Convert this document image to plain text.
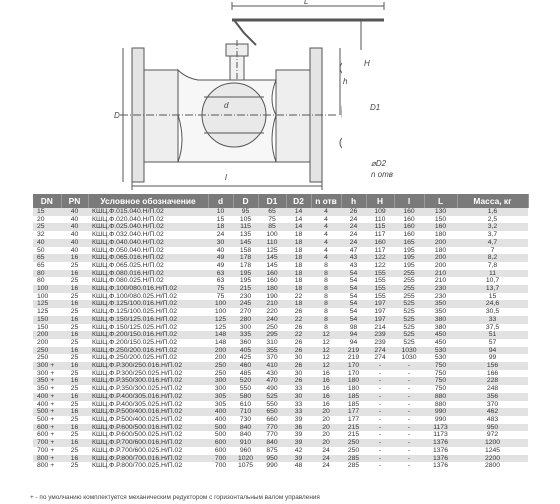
L
H
h
D
D1
d
l
⌀D2
n отв
DN	PN	Условное обозначение	d	D	D1	D2	n отв	h	H	l	L	Масса, кг
15	40	КШЦ.Ф.015.040.Н/П.02	10	95	65	14	4	26	109	160	130	1,6
20	40	КШЦ.Ф.020.040.Н/П.02	15	105	75	14	4	24	110	160	150	2,5
25	40	КШЦ.Ф.025.040.Н/П.02	18	115	85	14	4	24	115	160	160	3,2
32	40	КШЦ.Ф.032.040.Н/П.02	24	135	100	18	4	24	117	160	180	3,7
40	40	КШЦ.Ф.040.040.Н/П.02	30	145	110	18	4	24	160	165	200	4,7
50	40	КШЦ.Ф.050.040.Н/П.02	40	158	125	18	4	47	117	195	180	7
65	16	КШЦ.Ф.065.016.Н/П.02	49	178	145	18	4	43	122	195	200	8,2
65	25	КШЦ.Ф.065.025.Н/П.02	49	178	145	18	8	43	122	195	200	7,8
80	16	КШЦ.Ф.080.016.Н/П.02	63	195	160	18	8	54	155	255	210	11
80	25	КШЦ.Ф.080.025.Н/П.02	63	195	160	18	8	54	155	255	210	10,7
100	16	КШЦ.Ф.100/080.016.Н/П.02	75	215	180	18	8	54	155	255	230	13,7
100	25	КШЦ.Ф.100/080.025.Н/П.02	75	230	190	22	8	54	155	255	230	15
125	16	КШЦ.Ф.125/100.016.Н/П.02	100	245	210	18	8	54	197	525	350	24,6
125	25	КШЦ.Ф.125/100.025.Н/П.02	100	270	220	26	8	54	197	525	350	30,5
150	16	КШЦ.Ф.150/125.016.Н/П.02	125	280	240	22	8	54	197	525	380	33
150	25	КШЦ.Ф.150/125.025.Н/П.02	125	300	250	26	8	98	214	525	380	37,5
200	16	КШЦ.Ф.200/150.016.Н/П.02	148	335	295	22	12	94	239	525	450	51
200	25	КШЦ.Ф.200/150.025.Н/П.02	148	360	310	26	12	94	239	525	450	57
250	16	КШЦ.Ф.250/200.016.Н/П.02	200	405	355	26	12	219	274	1030	530	94
250	25	КШЦ.Ф.250/200.025.Н/П.02	200	425	370	30	12	219	274	1030	530	99
300 +	16	КШЦ.Ф.Р.300/250.016.Н/П.02	250	460	410	26	12	170	-	-	750	156
300 +	25	КШЦ.Ф.Р.300/250.025.Н/П.02	250	485	430	30	16	170	-	-	750	166
350 +	16	КШЦ.Ф.Р.350/300.016.Н/П.02	300	520	470	26	16	180	-	-	750	228
350 +	25	КШЦ.Ф.Р.350/300.025.Н/П.02	300	550	490	33	16	180	-	-	750	248
400 +	16	КШЦ.Ф.Р.400/305.016.Н/П.02	305	580	525	30	16	185	-	-	880	356
400 +	25	КШЦ.Ф.Р.400/305.025.Н/П.02	305	610	550	33	16	185	-	-	880	370
500 +	16	КШЦ.Ф.Р.500/400.016.Н/П.02	400	710	650	33	20	177	-	-	990	462
500 +	25	КШЦ.Ф.Р.500/400.025.Н/П.02	400	730	660	39	20	177	-	-	990	483
600 +	16	КШЦ.Ф.Р.600/500.016.Н/П.02	500	840	770	36	20	215	-	-	1173	950
600 +	25	КШЦ.Ф.Р.600/500.025.Н/П.02	500	840	770	39	20	215	-	-	1173	972
700 +	16	КШЦ.Ф.Р.700/600.016.Н/П.02	600	910	840	39	20	250	-	-	1376	1200
700 +	25	КШЦ.Ф.Р.700/600.025.Н/П.02	600	960	875	42	24	250	-	-	1376	1245
800 +	16	КШЦ.Ф.Р.800/700.016.Н/П.02	700	1020	950	39	24	285	-	-	1376	2200
800 +	25	КШЦ.Ф.Р.800/700.025.Н/П.02	700	1075	990	48	24	285	-	-	1376	2800
+ - по умолчанию комплектуется механическим редуктором с горизонтальным валом управления
